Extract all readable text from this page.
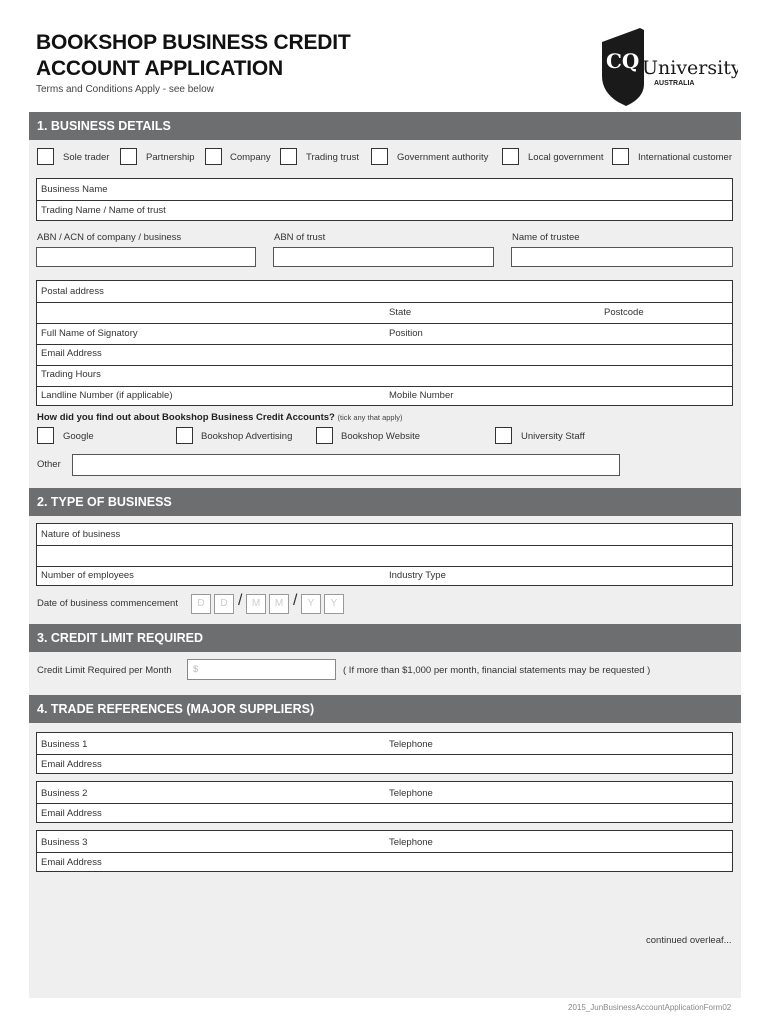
BOOKSHOP BUSINESS CREDIT
ACCOUNT APPLICATION
Terms and Conditions Apply - see below
CQ University
AUSTRALIA
1. BUSINESS DETAILS
Sole trader	Partnership	Company	Trading trust	Government authority	Local government	International customer
Business Name
Trading Name / Name of trust
ABN / ACN of company / business	ABN of trust	Name of trustee
Postal address
State	Postcode
Full Name of Signatory	Position
Email Address
Trading Hours
Landline Number (if applicable)	Mobile Number
How did you find out about Bookshop Business Credit Accounts? (tick any that apply)
Google	Bookshop Advertising	Bookshop Website	University Staff
Other
2. TYPE OF BUSINESS
Nature of business
Number of employees	Industry Type
Date of business commencement	D	D / M	M /	Y	Y
3. CREDIT LIMIT REQUIRED
Credit Limit Required per Month $	( If more than $1,000 per month, financial statements may be requested )
4. TRADE REFERENCES (MAJOR SUPPLIERS)
Business 1	Telephone
Email Address
Business 2	Telephone
Email Address
Business 3	Telephone
Email Address
continued overleaf...
2015_JunBusinessAccountApplicationForm02
